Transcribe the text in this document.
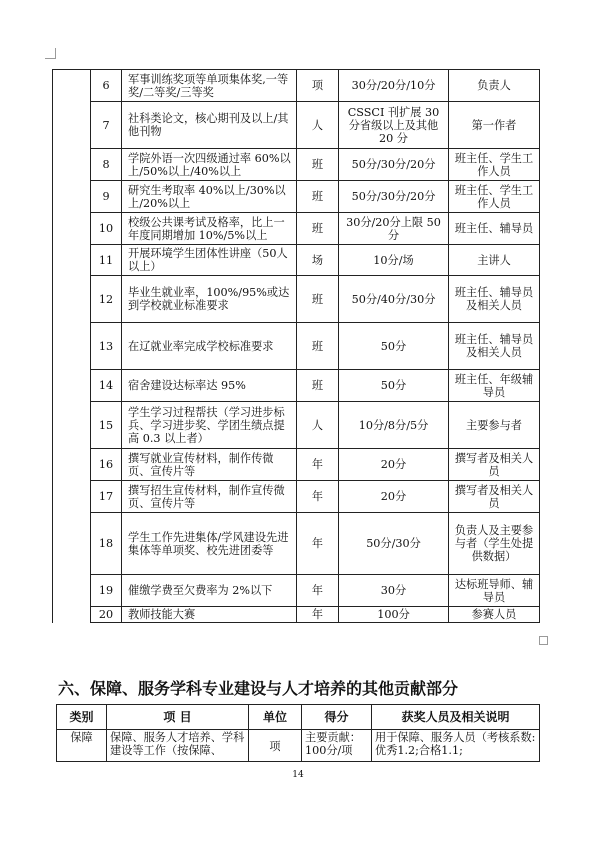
	6	军事训练奖项等单项集体奖,一等奖/二等奖/三等奖	项	30分/20分/10分	负责人
	7	社科类论文，核心期刊及以上/其他刊物	人	CSSCI 刊扩展 30 分省级以上及其他 20 分	第一作者
	8	学院外语一次四级通过率 60%以上/50%以上/40%以上	班	50分/30分/20分	班主任、学生工作人员
	9	研究生考取率 40%以上/30%以上/20%以上	班	50分/30分/20分	班主任、学生工作人员
	10	校级公共课考试及格率，比上一年度同期增加 10%/5%以上	班	30分/20分上限 50分	班主任、辅导员
	11	开展环境学生团体性讲座（50人以上）	场	10分/场	主讲人
	12	毕业生就业率，100%/95%或达到学校就业标准要求	班	50分/40分/30分	班主任、辅导员及相关人员
	13	在辽就业率完成学校标准要求	班	50分	班主任、辅导员及相关人员
	14	宿舍建设达标率达 95%	班	50分	班主任、年级辅导员
	15	学生学习过程帮扶（学习进步标兵、学习进步奖、学团生绩点提高 0.3 以上者）	人	10分/8分/5分	主要参与者
	16	撰写就业宣传材料，制作传微页、宣传片等	年	20分	撰写者及相关人员
	17	撰写招生宣传材料，制作宣传微页、宣传片等	年	20分	撰写者及相关人员
	18	学生工作先进集体/学风建设先进集体等单项奖、校先进团委等	年	50分/30分	负责人及主要参与者（学生处提供数据）
	19	催缴学费至欠费率为 2%以下	年	30分	达标班导师、辅导员
	20	教师技能大赛	年	100分	参赛人员
六、保障、服务学科专业建设与人才培养的其他贡献部分
类别	项 目	单位	得分	获奖人员及相关说明
保障	保障、服务人才培养、学科建设等工作（按保障、	项	主要贡献：100分/项	用于保障、服务人员（考核系数:优秀1.2;合格1.1;
14
